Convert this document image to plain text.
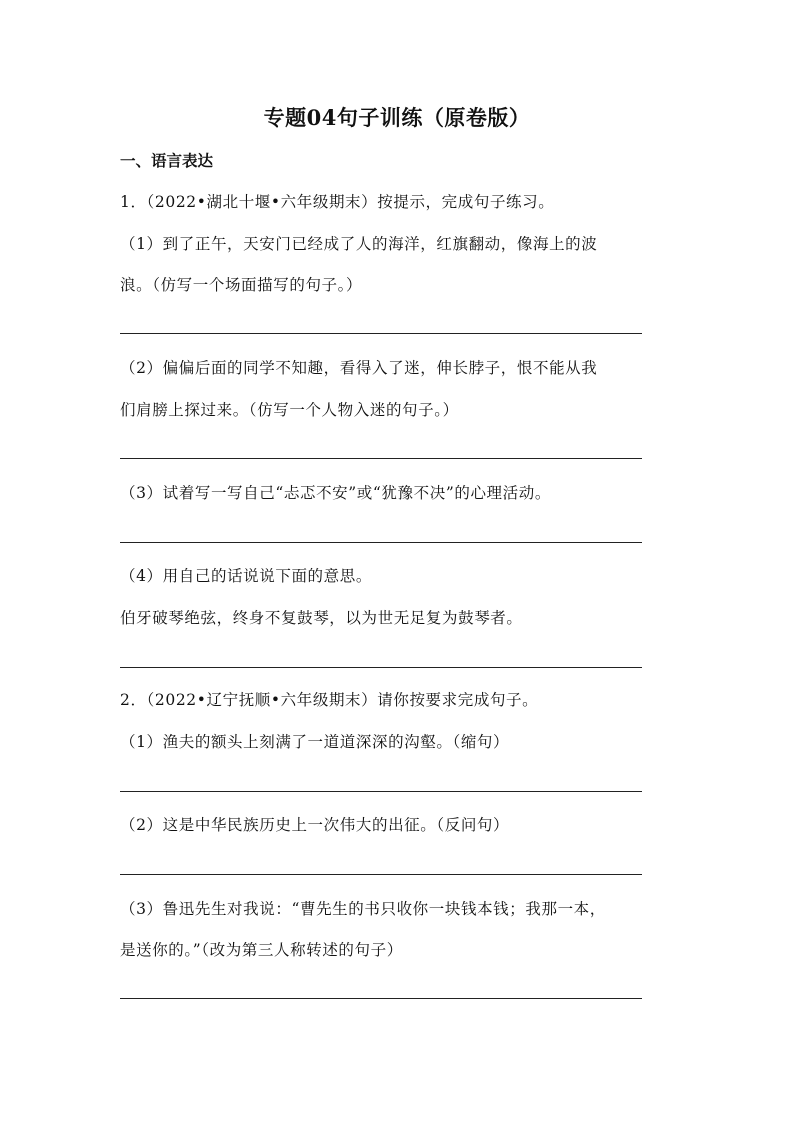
专题04句子训练（原卷版）
一、语言表达
1．（2022•湖北十堰•六年级期末）按提示，完成句子练习。
（1）到了正午，天安门已经成了人的海洋，红旗翻动，像海上的波
浪。（仿写一个场面描写的句子。）
（2）偏偏后面的同学不知趣，看得入了迷，伸长脖子，恨不能从我
们肩膀上探过来。（仿写一个人物入迷的句子。）
（3）试着写一写自己“忐忑不安”或“犹豫不决”的心理活动。
（4）用自己的话说说下面的意思。
伯牙破琴绝弦，终身不复鼓琴，以为世无足复为鼓琴者。
2．（2022•辽宁抚顺•六年级期末）请你按要求完成句子。
（1）渔夫的额头上刻满了一道道深深的沟壑。（缩句）
（2）这是中华民族历史上一次伟大的出征。（反问句）
（3）鲁迅先生对我说：“曹先生的书只收你一块钱本钱；我那一本，
是送你的。”（改为第三人称转述的句子）
